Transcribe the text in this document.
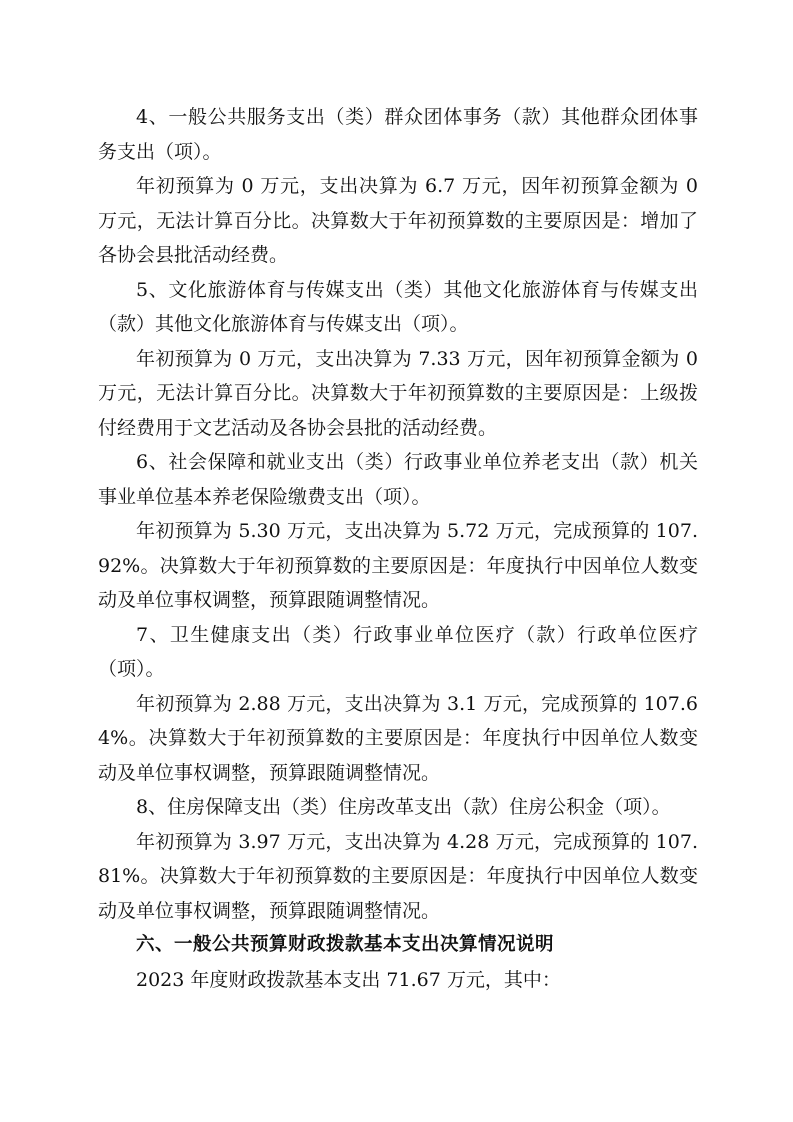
4、一般公共服务支出（类）群众团体事务（款）其他群众团体事务支出（项）。

年初预算为 0 万元，支出决算为 6.7 万元，因年初预算金额为 0 万元，无法计算百分比。决算数大于年初预算数的主要原因是：增加了各协会县批活动经费。

5、文化旅游体育与传媒支出（类）其他文化旅游体育与传媒支出（款）其他文化旅游体育与传媒支出（项）。

年初预算为 0 万元，支出决算为 7.33 万元，因年初预算金额为 0 万元，无法计算百分比。决算数大于年初预算数的主要原因是：上级拨付经费用于文艺活动及各协会县批的活动经费。

6、社会保障和就业支出（类）行政事业单位养老支出（款）机关事业单位基本养老保险缴费支出（项）。

年初预算为 5.30 万元，支出决算为 5.72 万元，完成预算的 107.92%。决算数大于年初预算数的主要原因是：年度执行中因单位人数变动及单位事权调整，预算跟随调整情况。

7、卫生健康支出（类）行政事业单位医疗（款）行政单位医疗（项）。

年初预算为 2.88 万元，支出决算为 3.1 万元，完成预算的 107.64%。决算数大于年初预算数的主要原因是：年度执行中因单位人数变动及单位事权调整，预算跟随调整情况。

8、住房保障支出（类）住房改革支出（款）住房公积金（项）。

年初预算为 3.97 万元，支出决算为 4.28 万元，完成预算的 107.81%。决算数大于年初预算数的主要原因是：年度执行中因单位人数变动及单位事权调整，预算跟随调整情况。

六、一般公共预算财政拨款基本支出决算情况说明

2023 年度财政拨款基本支出 71.67 万元，其中：
